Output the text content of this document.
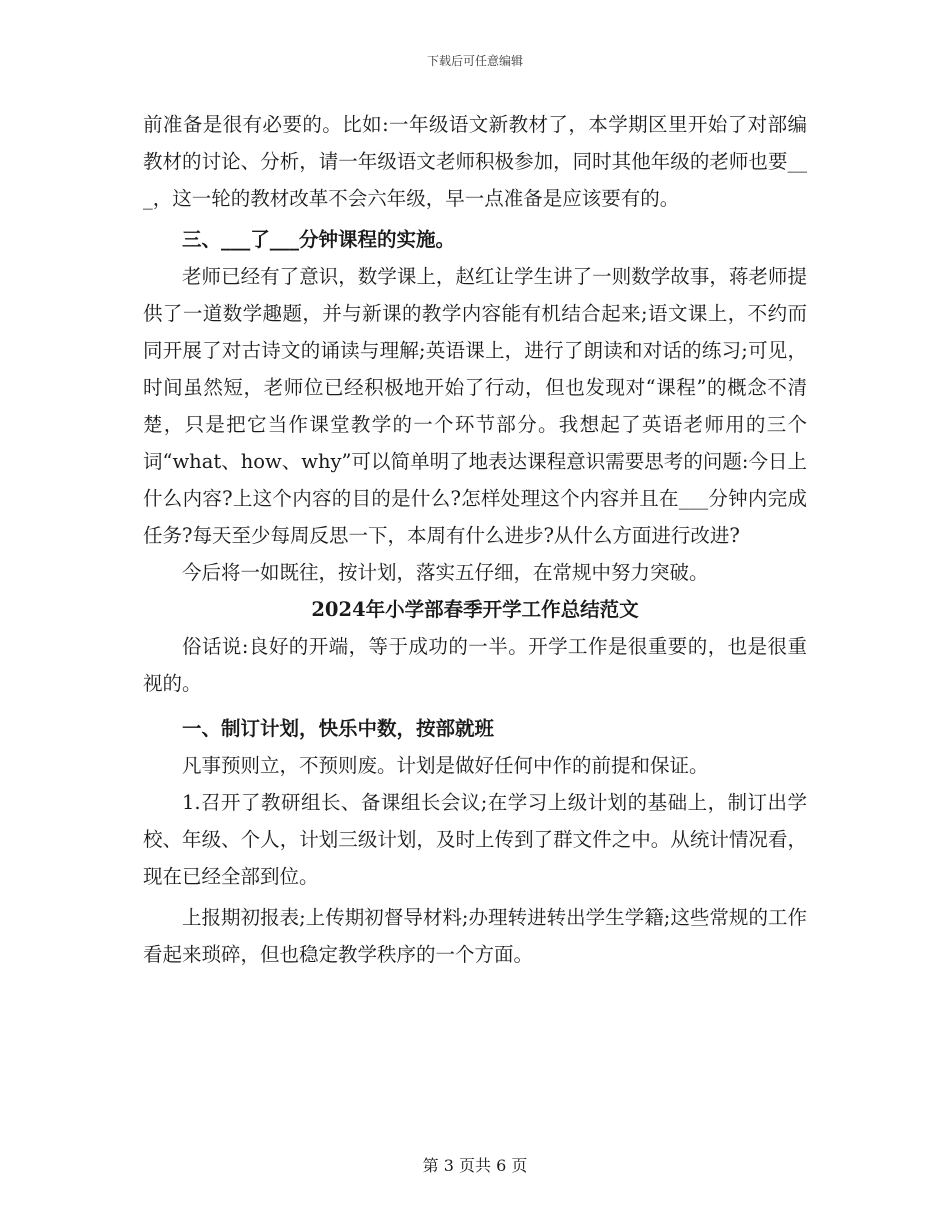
下载后可任意编辑

前准备是很有必要的。比如:一年级语文新教材了，本学期区里开始了对部编教材的讨论、分析，请一年级语文老师积极参加，同时其他年级的老师也要___，这一轮的教材改革不会六年级，早一点准备是应该要有的。

三、___了___分钟课程的实施。

老师已经有了意识，数学课上，赵红让学生讲了一则数学故事，蒋老师提供了一道数学趣题，并与新课的教学内容能有机结合起来;语文课上，不约而同开展了对古诗文的诵读与理解;英语课上，进行了朗读和对话的练习;可见，时间虽然短，老师位已经积极地开始了行动，但也发现对“课程”的概念不清楚，只是把它当作课堂教学的一个环节部分。我想起了英语老师用的三个词“what、how、why”可以简单明了地表达课程意识需要思考的问题:今日上什么内容?上这个内容的目的是什么?怎样处理这个内容并且在___分钟内完成任务?每天至少每周反思一下，本周有什么进步?从什么方面进行改进?

今后将一如既往，按计划，落实五仔细，在常规中努力突破。

2024年小学部春季开学工作总结范文

俗话说:良好的开端，等于成功的一半。开学工作是很重要的，也是很重视的。

一、制订计划，快乐中数，按部就班

凡事预则立，不预则废。计划是做好任何中作的前提和保证。

1.召开了教研组长、备课组长会议;在学习上级计划的基础上，制订出学校、年级、个人，计划三级计划，及时上传到了群文件之中。从统计情况看，现在已经全部到位。

上报期初报表;上传期初督导材料;办理转进转出学生学籍;这些常规的工作看起来琐碎，但也稳定教学秩序的一个方面。

第 3 页共 6 页
